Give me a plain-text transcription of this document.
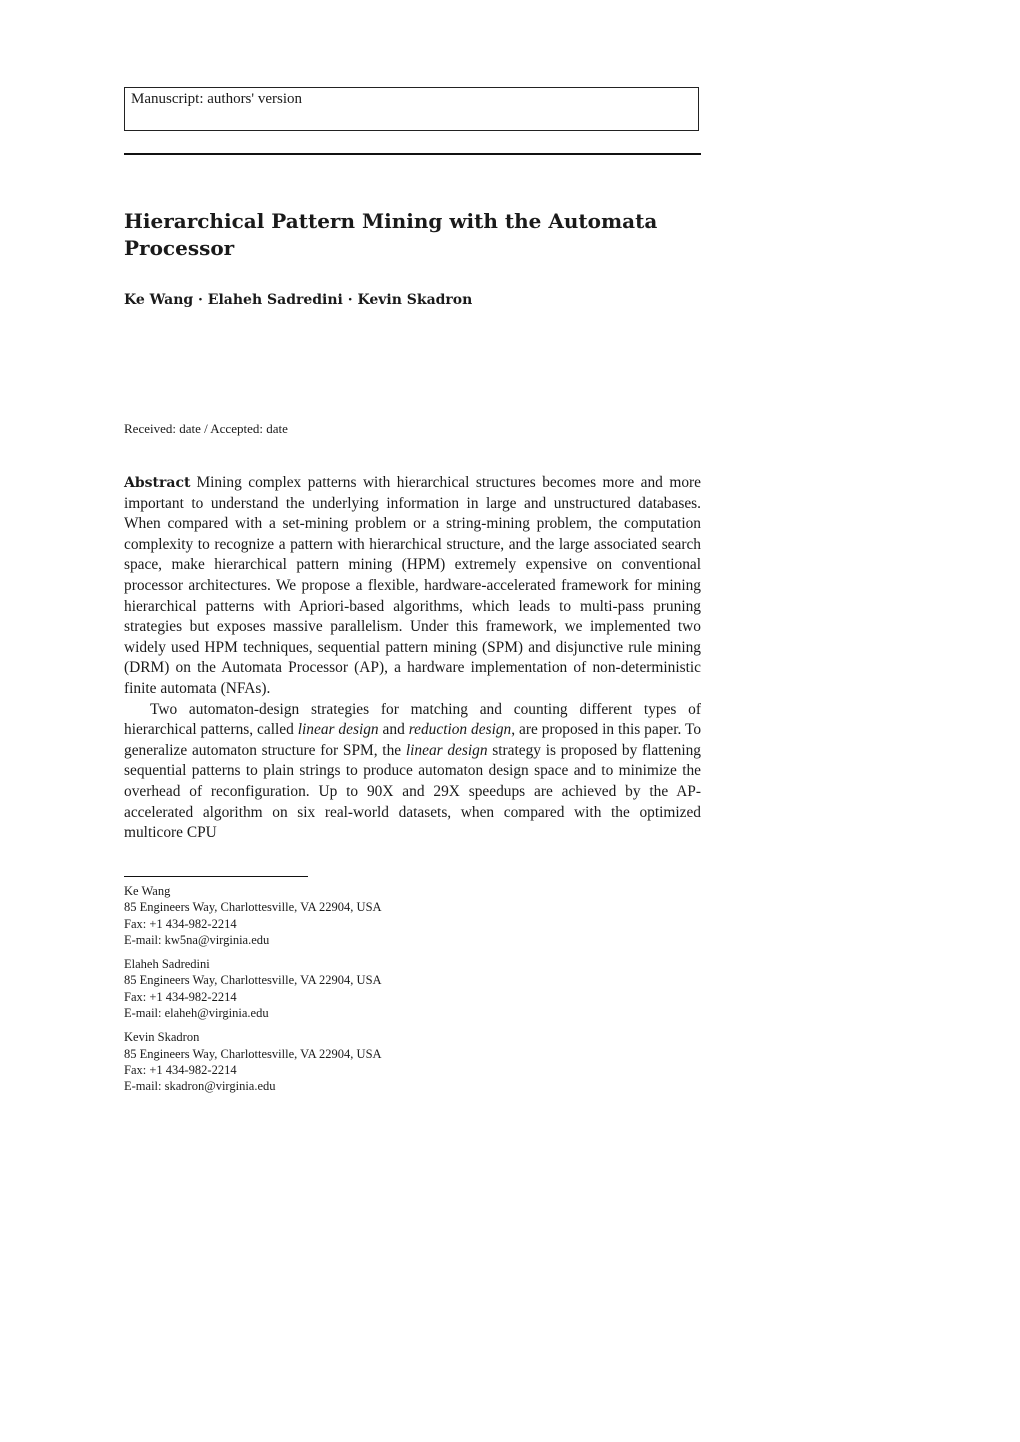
Manuscript: authors' version
Hierarchical Pattern Mining with the Automata Processor

Ke Wang · Elaheh Sadredini · Kevin Skadron

Received: date / Accepted: date

Abstract Mining complex patterns with hierarchical structures becomes more and more important to understand the underlying information in large and unstructured databases. When compared with a set-mining problem or a string-mining problem, the computation complexity to recognize a pattern with hierarchical structure, and the large associated search space, make hierarchical pattern mining (HPM) extremely expensive on conventional processor architectures. We propose a flexible, hardware-accelerated framework for mining hierarchical patterns with Apriori-based algorithms, which leads to multi-pass pruning strategies but exposes massive parallelism. Under this framework, we implemented two widely used HPM techniques, sequential pattern mining (SPM) and disjunctive rule mining (DRM) on the Automata Processor (AP), a hardware implementation of non-deterministic finite automata (NFAs).

Two automaton-design strategies for matching and counting different types of hierarchical patterns, called linear design and reduction design, are proposed in this paper. To generalize automaton structure for SPM, the linear design strategy is proposed by flattening sequential patterns to plain strings to produce automaton design space and to minimize the overhead of reconfiguration. Up to 90X and 29X speedups are achieved by the AP-accelerated algorithm on six real-world datasets, when compared with the optimized multicore CPU

Ke Wang
85 Engineers Way, Charlottesville, VA 22904, USA
Fax: +1 434-982-2214
E-mail: kw5na@virginia.edu
Elaheh Sadredini
85 Engineers Way, Charlottesville, VA 22904, USA
Fax: +1 434-982-2214
E-mail: elaheh@virginia.edu
Kevin Skadron
85 Engineers Way, Charlottesville, VA 22904, USA
Fax: +1 434-982-2214
E-mail: skadron@virginia.edu
